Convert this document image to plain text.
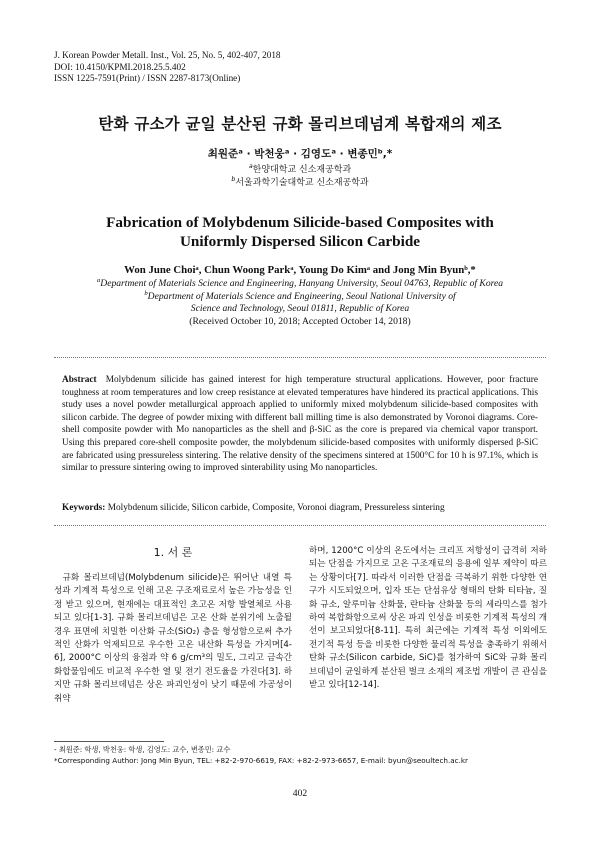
J. Korean Powder Metall. Inst., Vol. 25, No. 5, 402-407, 2018
DOI: 10.4150/KPMI.2018.25.5.402
ISSN 1225-7591(Print) / ISSN 2287-8173(Online)
탄화 규소가 균일 분산된 규화 몰리브데넘계 복합재의 제조
최원준ᵃ · 박천웅ᵃ · 김영도ᵃ · 변종민ᵇ,*
$^a$한양대학교 신소재공학과
$^b$서울과학기술대학교 신소재공학과
Fabrication of Molybdenum Silicide-based Composites with
Uniformly Dispersed Silicon Carbide
Won June Choiᵃ, Chun Woong Parkᵃ, Young Do Kimᵃ and Jong Min Byunᵇ,*
$^a$Department of Materials Science and Engineering, Hanyang University, Seoul 04763, Republic of Korea
$^b$Department of Materials Science and Engineering, Seoul National University of
Science and Technology, Seoul 01811, Republic of Korea
(Received October 10, 2018; Accepted October 14, 2018)
Abstract Molybdenum silicide has gained interest for high temperature structural applications. However, poor fracture toughness at room temperatures and low creep resistance at elevated temperatures have hindered its practical applications. This study uses a novel powder metallurgical approach applied to uniformly mixed molybdenum silicide-based composites with silicon carbide. The degree of powder mixing with different ball milling time is also demonstrated by Voronoi diagrams. Core-shell composite powder with Mo nanoparticles as the shell and β-SiC as the core is prepared via chemical vapor transport. Using this prepared core-shell composite powder, the molybdenum silicide-based composites with uniformly dispersed β-SiC are fabricated using pressureless sintering. The relative density of the specimens sintered at 1500°C for 10 h is 97.1%, which is similar to pressure sintering owing to improved sinterability using Mo nanoparticles.
Keywords: Molybdenum silicide, Silicon carbide, Composite, Voronoi diagram, Pressureless sintering
1. 서 론

규화 몰리브데넘(Molybdenum silicide)은 뛰어난 내열 특성과 기계적 특성으로 인해 고온 구조재료로서 높은 가능성을 인정 받고 있으며, 현재에는 대표적인 초고온 저항 발열체로 사용되고 있다[1-3]. 규화 몰리브데넘은 고온 산화 분위기에 노출될 경우 표면에 치밀한 이산화 규소(SiO₂) 층을 형성함으로써 추가적인 산화가 억제되므로 우수한 고온 내산화 특성을 가지며[4-6], 2000°C 이상의 융점과 약 6 g/cm³의 밀도, 그리고 금속간화합물임에도 비교적 우수한 열 및 전기 전도율을 가진다[3]. 하지만 규화 몰리브데넘은 상온 파괴인성이 낮기 때문에 가공성이 취약

하며, 1200°C 이상의 온도에서는 크리프 저항성이 급격히 저하되는 단점을 가지므로 고온 구조재료의 응용에 일부 제약이 따르는 상황이다[7]. 따라서 이러한 단점을 극복하기 위한 다양한 연구가 시도되었으며, 입자 또는 단섬유상 형태의 탄화 티타늄, 질화 규소, 알루미늄 산화물, 란타늄 산화물 등의 세라믹스를 첨가하여 복합화함으로써 상온 파괴 인성을 비롯한 기계적 특성의 개선이 보고되었다[8-11]. 특히 최근에는 기계적 특성 이외에도 전기적 특성 등을 비롯한 다양한 물리적 특성을 충족하기 위해서 탄화 규소(Silicon carbide, SiC)를 첨가하여 SiC와 규화 몰리브데넘이 균일하게 분산된 벌크 소재의 제조법 개발이 큰 관심을 받고 있다[12-14].

- 최원준: 학생, 박천웅: 학생, 김영도: 교수, 변종민: 교수
*Corresponding Author: Jong Min Byun, TEL: +82-2-970-6619, FAX: +82-2-973-6657, E-mail: byun@seoultech.ac.kr
402
